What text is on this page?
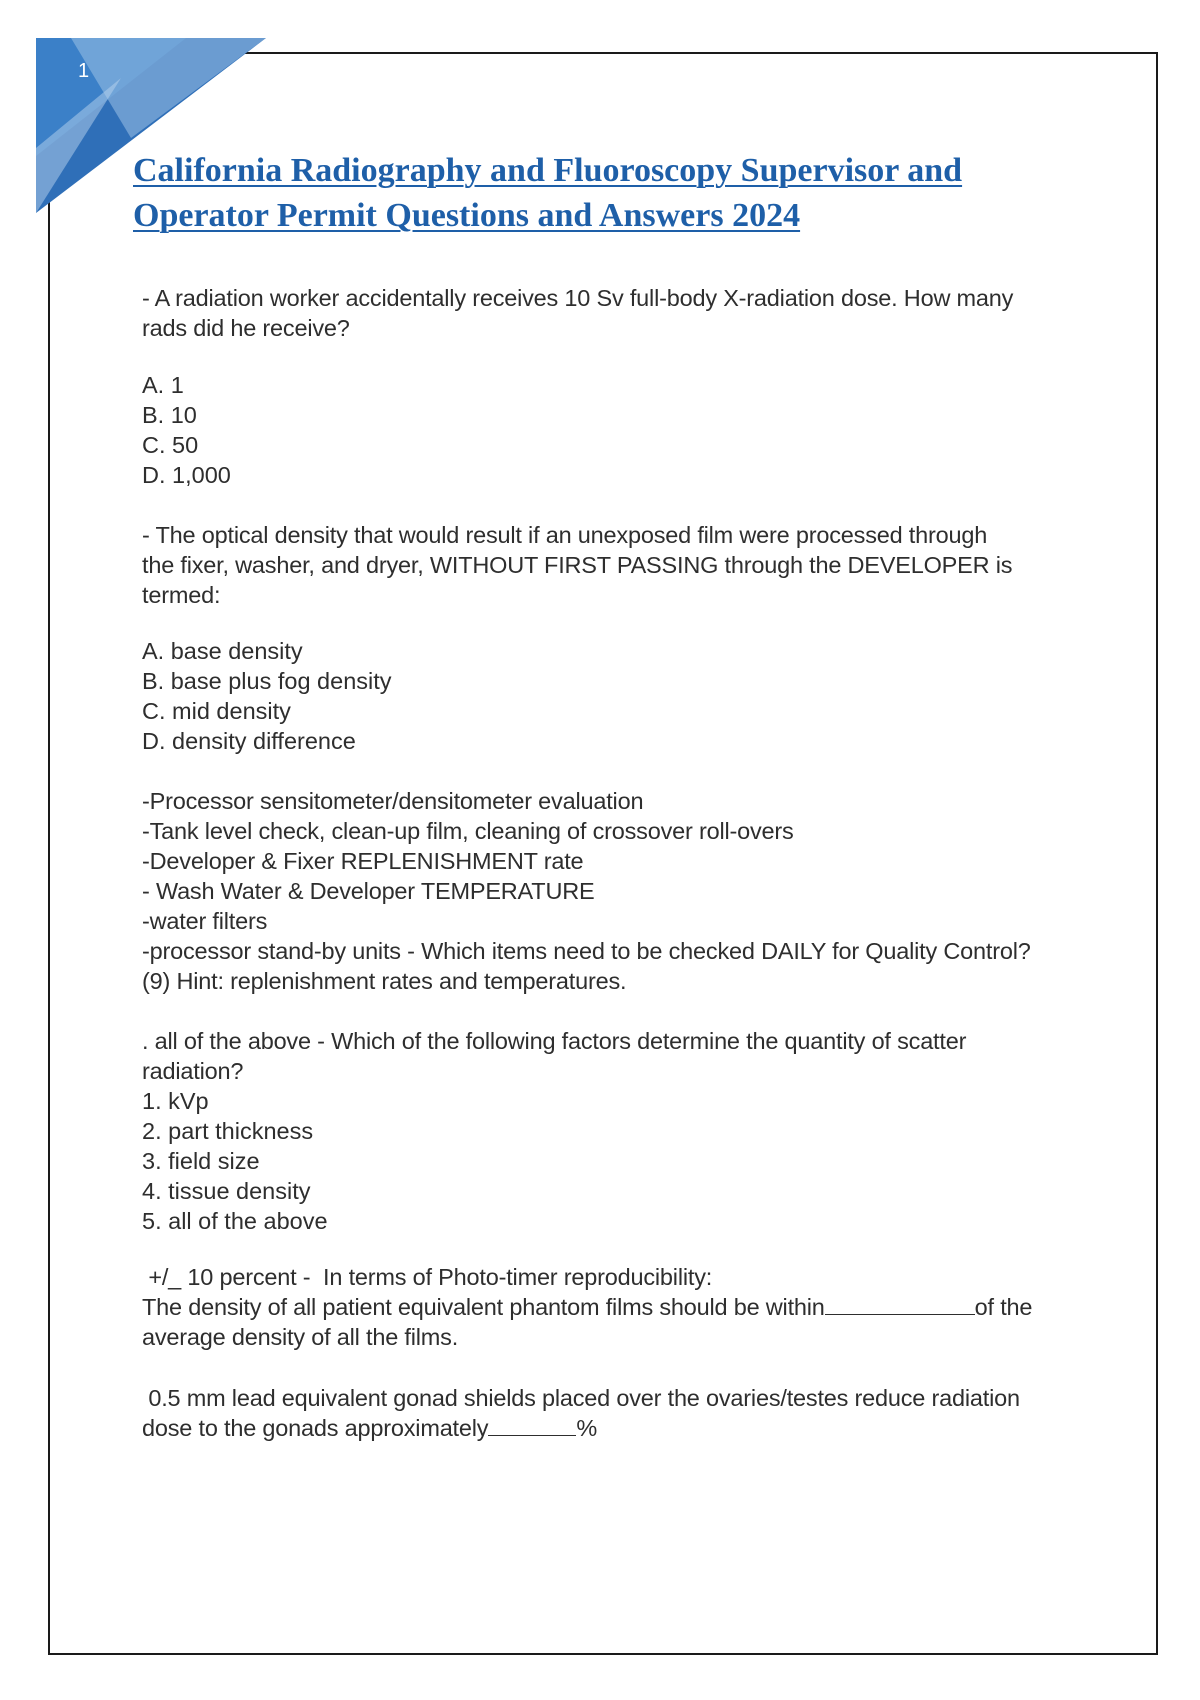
1
California Radiography and Fluoroscopy Supervisor and Operator Permit Questions and Answers 2024

- A radiation worker accidentally receives 10 Sv full-body X-radiation dose. How many
rads did he receive?

A. 1
B. 10
C. 50
D. 1,000

- The optical density that would result if an unexposed film were processed through
the fixer, washer, and dryer, WITHOUT FIRST PASSING through the DEVELOPER is
termed:

A. base density
B. base plus fog density
C. mid density
D. density difference

-Processor sensitometer/densitometer evaluation
-Tank level check, clean-up film, cleaning of crossover roll-overs
-Developer & Fixer REPLENISHMENT rate
- Wash Water & Developer TEMPERATURE
-water filters
-processor stand-by units - Which items need to be checked DAILY for Quality Control?
(9) Hint: replenishment rates and temperatures.

. all of the above - Which of the following factors determine the quantity of scatter
radiation?

1. kVp
2. part thickness
3. field size
4. tissue density
5. all of the above
+/_ 10 percent -  In terms of Photo-timer reproducibility:
The density of all patient equivalent phantom films should be within	of the
average density of all the films.
0.5 mm lead equivalent gonad shields placed over the ovaries/testes reduce radiation
dose to the gonads approximately	%
